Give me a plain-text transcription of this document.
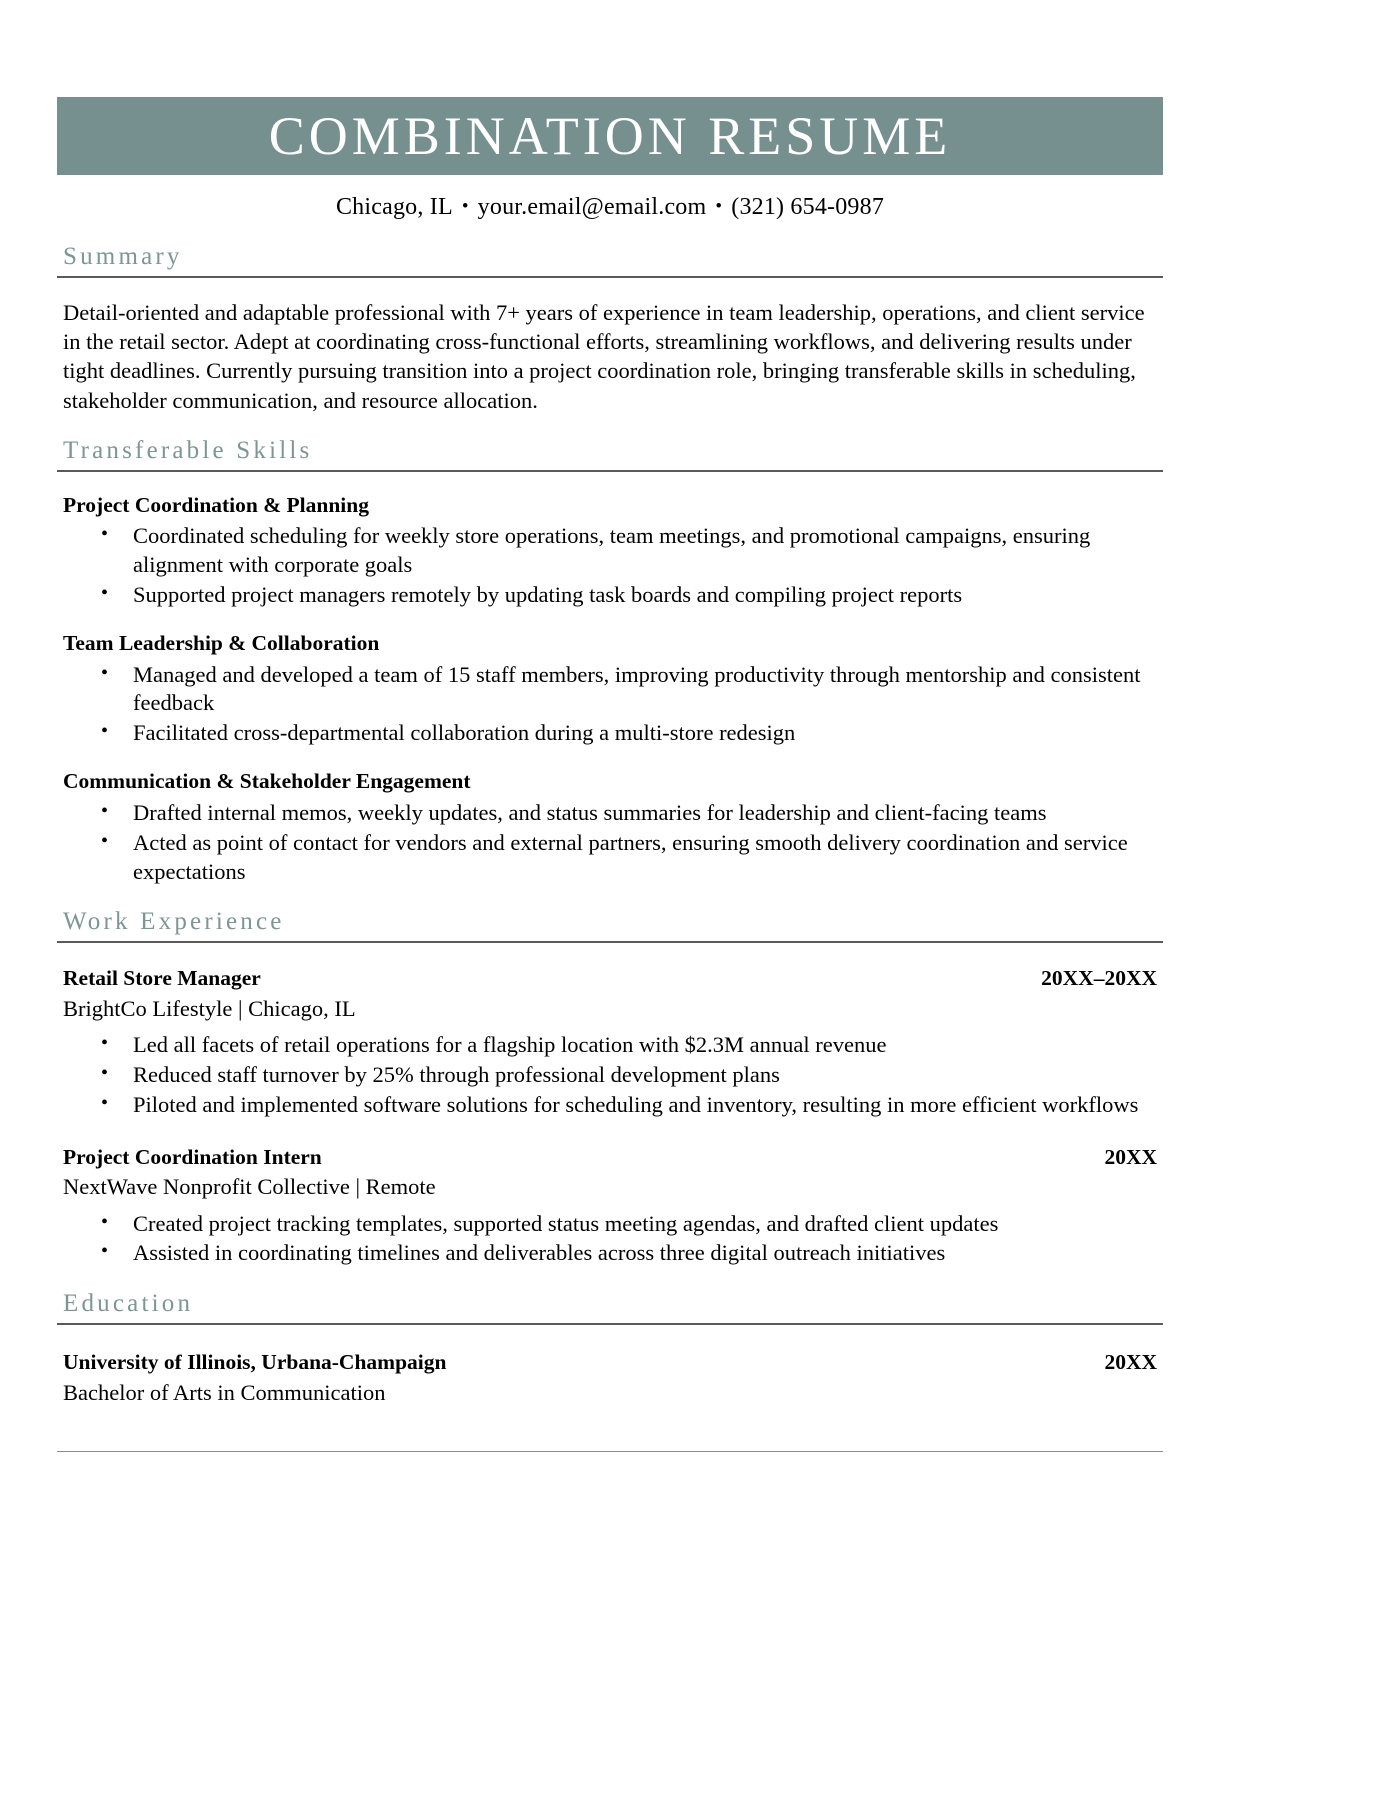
COMBINATION RESUME
Chicago, IL • your.email@email.com • (321) 654-0987
Summary
Detail-oriented and adaptable professional with 7+ years of experience in team leadership, operations, and client service in the retail sector. Adept at coordinating cross-functional efforts, streamlining workflows, and delivering results under tight deadlines. Currently pursuing transition into a project coordination role, bringing transferable skills in scheduling, stakeholder communication, and resource allocation.
Transferable Skills
Project Coordination & Planning
• Coordinated scheduling for weekly store operations, team meetings, and promotional campaigns, ensuring alignment with corporate goals
• Supported project managers remotely by updating task boards and compiling project reports
Team Leadership & Collaboration
• Managed and developed a team of 15 staff members, improving productivity through mentorship and consistent feedback
• Facilitated cross-departmental collaboration during a multi-store redesign
Communication & Stakeholder Engagement
• Drafted internal memos, weekly updates, and status summaries for leadership and client-facing teams
• Acted as point of contact for vendors and external partners, ensuring smooth delivery coordination and service expectations
Work Experience
Retail Store Manager	20XX–20XX
BrightCo Lifestyle | Chicago, IL
• Led all facets of retail operations for a flagship location with $2.3M annual revenue
• Reduced staff turnover by 25% through professional development plans
• Piloted and implemented software solutions for scheduling and inventory, resulting in more efficient workflows
Project Coordination Intern	20XX
NextWave Nonprofit Collective | Remote
• Created project tracking templates, supported status meeting agendas, and drafted client updates
• Assisted in coordinating timelines and deliverables across three digital outreach initiatives
Education
University of Illinois, Urbana-Champaign	20XX
Bachelor of Arts in Communication
